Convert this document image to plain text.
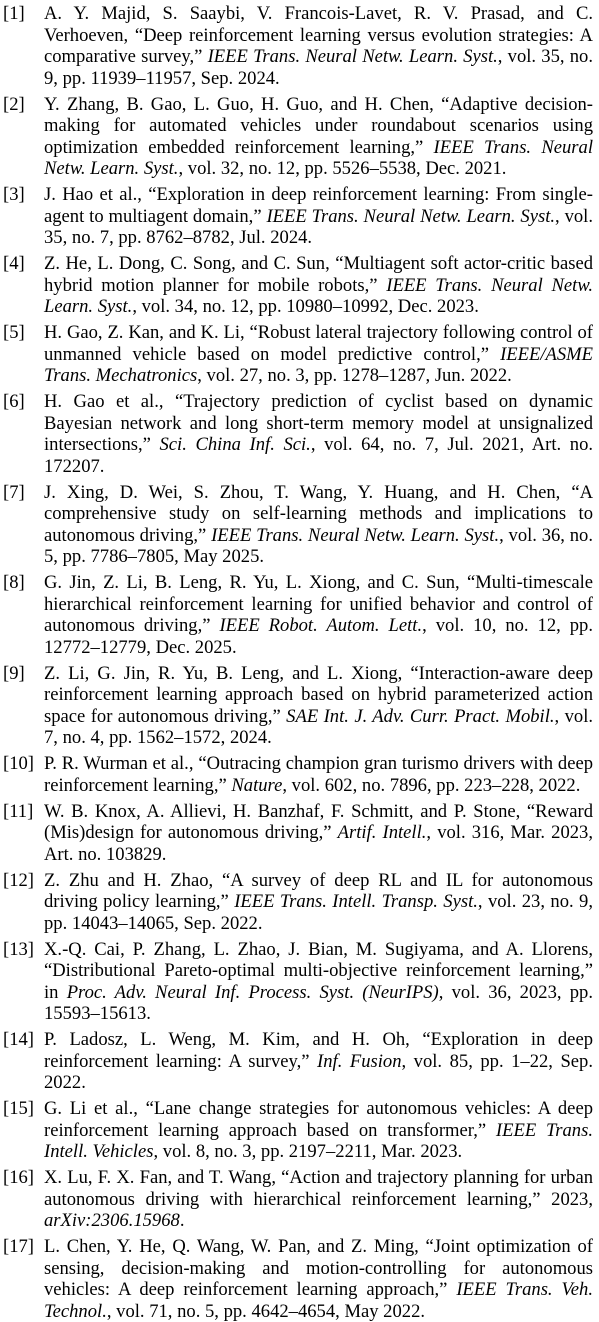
[1]	A. Y. Majid, S. Saaybi, V. Francois-Lavet, R. V. Prasad, and C. Verhoeven, “Deep reinforcement learning versus evolution strategies: A comparative survey,” IEEE Trans. Neural Netw. Learn. Syst., vol. 35, no. 9, pp. 11939–11957, Sep. 2024.
[2]	Y. Zhang, B. Gao, L. Guo, H. Guo, and H. Chen, “Adaptive decision-making for automated vehicles under roundabout scenarios using optimization embedded reinforcement learning,” IEEE Trans. Neural Netw. Learn. Syst., vol. 32, no. 12, pp. 5526–5538, Dec. 2021.
[3]	J. Hao et al., “Exploration in deep reinforcement learning: From single-agent to multiagent domain,” IEEE Trans. Neural Netw. Learn. Syst., vol. 35, no. 7, pp. 8762–8782, Jul. 2024.
[4]	Z. He, L. Dong, C. Song, and C. Sun, “Multiagent soft actor-critic based hybrid motion planner for mobile robots,” IEEE Trans. Neural Netw. Learn. Syst., vol. 34, no. 12, pp. 10980–10992, Dec. 2023.
[5]	H. Gao, Z. Kan, and K. Li, “Robust lateral trajectory following control of unmanned vehicle based on model predictive control,” IEEE/ASME Trans. Mechatronics, vol. 27, no. 3, pp. 1278–1287, Jun. 2022.
[6]	H. Gao et al., “Trajectory prediction of cyclist based on dynamic Bayesian network and long short-term memory model at unsignalized intersections,” Sci. China Inf. Sci., vol. 64, no. 7, Jul. 2021, Art. no. 172207.
[7]	J. Xing, D. Wei, S. Zhou, T. Wang, Y. Huang, and H. Chen, “A comprehensive study on self-learning methods and implications to autonomous driving,” IEEE Trans. Neural Netw. Learn. Syst., vol. 36, no. 5, pp. 7786–7805, May 2025.
[8]	G. Jin, Z. Li, B. Leng, R. Yu, L. Xiong, and C. Sun, “Multi-timescale hierarchical reinforcement learning for unified behavior and control of autonomous driving,” IEEE Robot. Autom. Lett., vol. 10, no. 12, pp. 12772–12779, Dec. 2025.
[9]	Z. Li, G. Jin, R. Yu, B. Leng, and L. Xiong, “Interaction-aware deep reinforcement learning approach based on hybrid parameterized action space for autonomous driving,” SAE Int. J. Adv. Curr. Pract. Mobil., vol. 7, no. 4, pp. 1562–1572, 2024.
[10] P. R. Wurman et al., “Outracing champion gran turismo drivers with deep reinforcement learning,” Nature, vol. 602, no. 7896, pp. 223–228, 2022.
[11] W. B. Knox, A. Allievi, H. Banzhaf, F. Schmitt, and P. Stone, “Reward (Mis)design for autonomous driving,” Artif. Intell., vol. 316, Mar. 2023, Art. no. 103829.
[12] Z. Zhu and H. Zhao, “A survey of deep RL and IL for autonomous driving policy learning,” IEEE Trans. Intell. Transp. Syst., vol. 23, no. 9, pp. 14043–14065, Sep. 2022.
[13] X.-Q. Cai, P. Zhang, L. Zhao, J. Bian, M. Sugiyama, and A. Llorens, “Distributional Pareto-optimal multi-objective reinforcement learning,” in Proc. Adv. Neural Inf. Process. Syst. (NeurIPS), vol. 36, 2023, pp. 15593–15613.
[14] P. Ladosz, L. Weng, M. Kim, and H. Oh, “Exploration in deep reinforcement learning: A survey,” Inf. Fusion, vol. 85, pp. 1–22, Sep. 2022.
[15] G. Li et al., “Lane change strategies for autonomous vehicles: A deep reinforcement learning approach based on transformer,” IEEE Trans. Intell. Vehicles, vol. 8, no. 3, pp. 2197–2211, Mar. 2023.
[16] X. Lu, F. X. Fan, and T. Wang, “Action and trajectory planning for urban autonomous driving with hierarchical reinforcement learning,” 2023, arXiv:2306.15968.
[17] L. Chen, Y. He, Q. Wang, W. Pan, and Z. Ming, “Joint optimization of sensing, decision-making and motion-controlling for autonomous vehicles: A deep reinforcement learning approach,” IEEE Trans. Veh. Technol., vol. 71, no. 5, pp. 4642–4654, May 2022.
